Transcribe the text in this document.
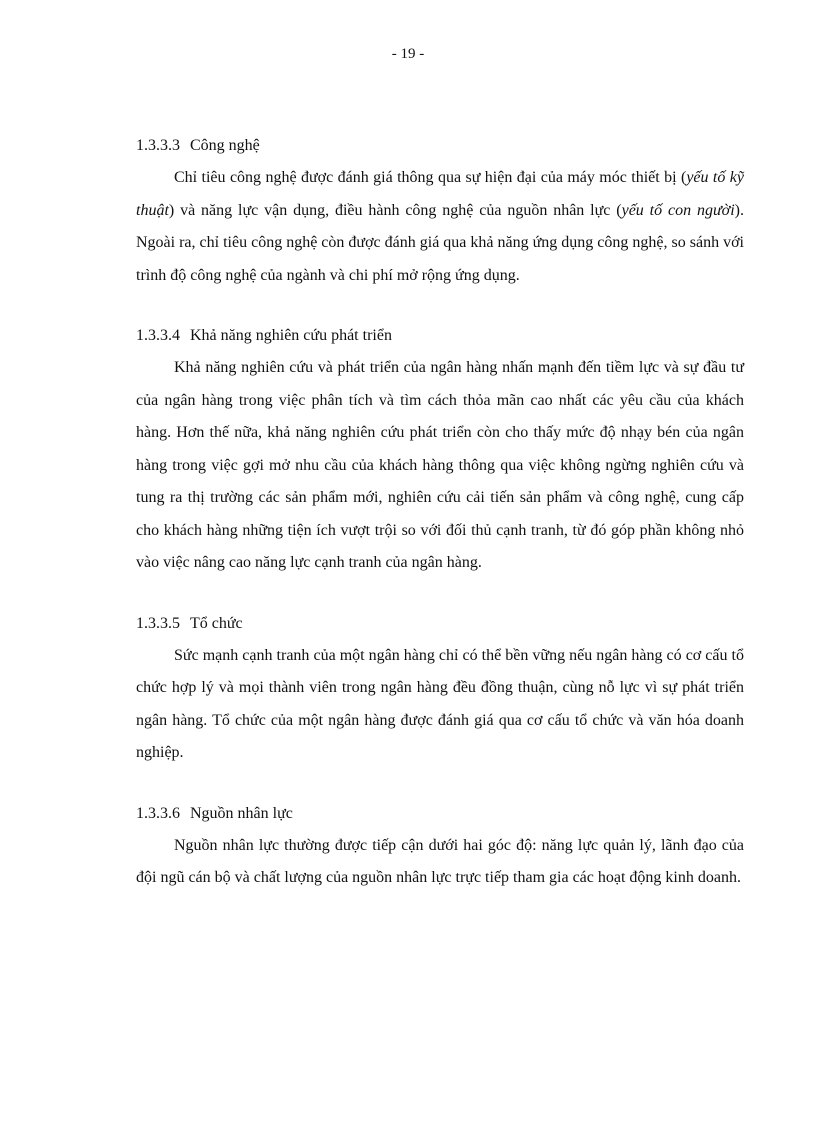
- 19 -
1.3.3.3 Công nghệ

Chỉ tiêu công nghệ được đánh giá thông qua sự hiện đại của máy móc thiết bị (yếu tố kỹ thuật) và năng lực vận dụng, điều hành công nghệ của nguồn nhân lực (yếu tố con người). Ngoài ra, chỉ tiêu công nghệ còn được đánh giá qua khả năng ứng dụng công nghệ, so sánh với trình độ công nghệ của ngành và chi phí mở rộng ứng dụng.

1.3.3.4 Khả năng nghiên cứu phát triển

Khả năng nghiên cứu và phát triển của ngân hàng nhấn mạnh đến tiềm lực và sự đầu tư của ngân hàng trong việc phân tích và tìm cách thỏa mãn cao nhất các yêu cầu của khách hàng. Hơn thế nữa, khả năng nghiên cứu phát triển còn cho thấy mức độ nhạy bén của ngân hàng trong việc gợi mở nhu cầu của khách hàng thông qua việc không ngừng nghiên cứu và tung ra thị trường các sản phẩm mới, nghiên cứu cải tiến sản phẩm và công nghệ, cung cấp cho khách hàng những tiện ích vượt trội so với đối thủ cạnh tranh, từ đó góp phần không nhỏ vào việc nâng cao năng lực cạnh tranh của ngân hàng.

1.3.3.5 Tổ chức

Sức mạnh cạnh tranh của một ngân hàng chỉ có thể bền vững nếu ngân hàng có cơ cấu tổ chức hợp lý và mọi thành viên trong ngân hàng đều đồng thuận, cùng nỗ lực vì sự phát triển ngân hàng. Tổ chức của một ngân hàng được đánh giá qua cơ cấu tổ chức và văn hóa doanh nghiệp.

1.3.3.6 Nguồn nhân lực

Nguồn nhân lực thường được tiếp cận dưới hai góc độ: năng lực quản lý, lãnh đạo của đội ngũ cán bộ và chất lượng của nguồn nhân lực trực tiếp tham gia các hoạt động kinh doanh.
